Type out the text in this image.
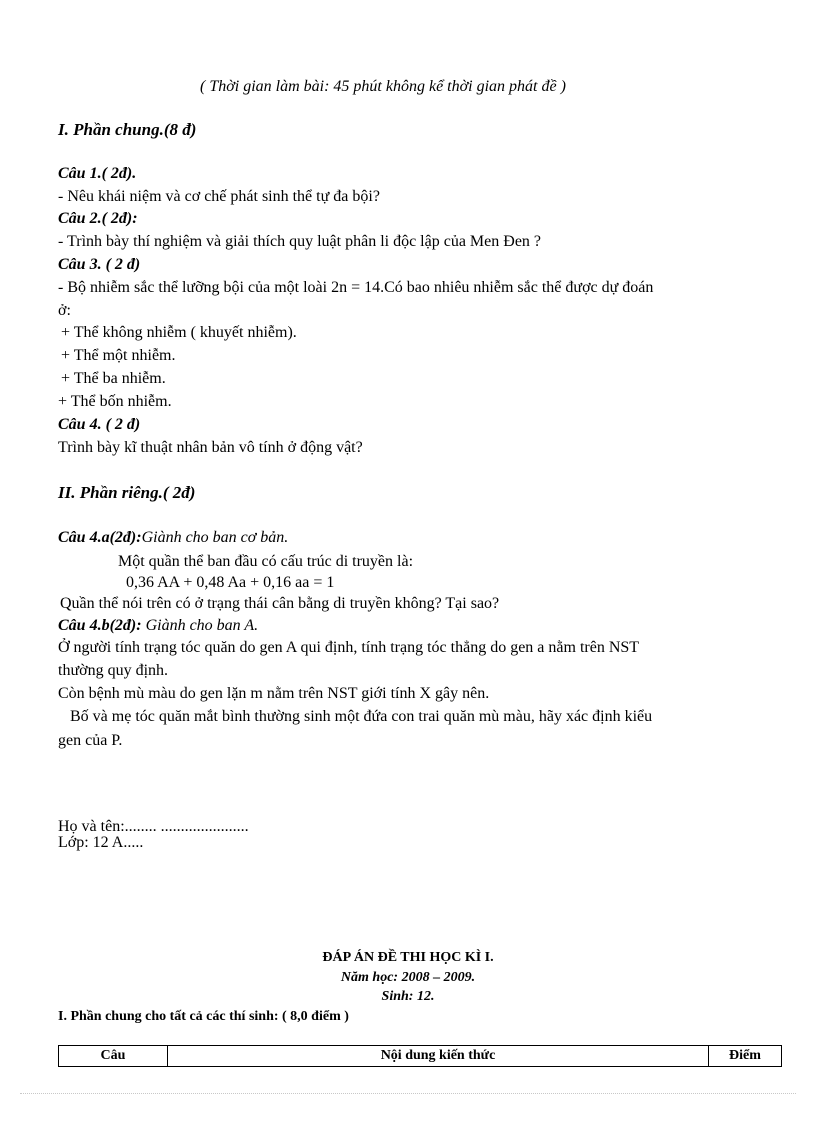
( Thời gian làm bài: 45 phút không kể thời gian phát đề )
I. Phần chung.(8 đ)
Câu 1.( 2đ).
- Nêu khái niệm và cơ chế phát sinh thể tự đa bội?
Câu 2.( 2đ):
- Trình bày thí nghiệm và giải thích quy luật phân li độc lập của Men Đen ?
Câu 3. ( 2 đ)
- Bộ nhiễm sắc thể lưỡng bội của một loài 2n = 14.Có bao nhiêu nhiễm sắc thể được dự đoán
ở:
+ Thể không nhiễm ( khuyết nhiễm).
+ Thể một nhiễm.
+ Thể ba nhiễm.
+ Thể bốn nhiễm.
Câu 4. ( 2 đ)
Trình bày kĩ thuật nhân bản vô tính ở động vật?
II. Phần riêng.( 2đ)
Câu 4.a(2đ):Giành cho ban cơ bản.
Một quần thể ban đầu có cấu trúc di truyền là:
0,36 AA + 0,48 Aa + 0,16 aa = 1
Quần thể nói trên có ở trạng thái cân bằng di truyền không? Tại sao?
Câu 4.b(2đ): Giành cho ban A.
Ở người tính trạng tóc quăn do gen A qui định, tính trạng tóc thẳng do gen a nằm trên NST
thường quy định.
Còn bệnh mù màu do gen lặn m nằm trên NST giới tính X gây nên.
Bố và mẹ tóc quăn mắt bình thường sinh một đứa con trai quăn mù màu, hãy xác định kiểu
gen của P.
Họ và tên:........ ......................
Lớp: 12 A.....
ĐÁP ÁN ĐỀ THI HỌC KÌ I.
Năm học: 2008 – 2009.
Sinh: 12.
I. Phần chung cho tất cả các thí sinh: ( 8,0 điểm )
Câu	Nội dung kiến thức	Điểm
